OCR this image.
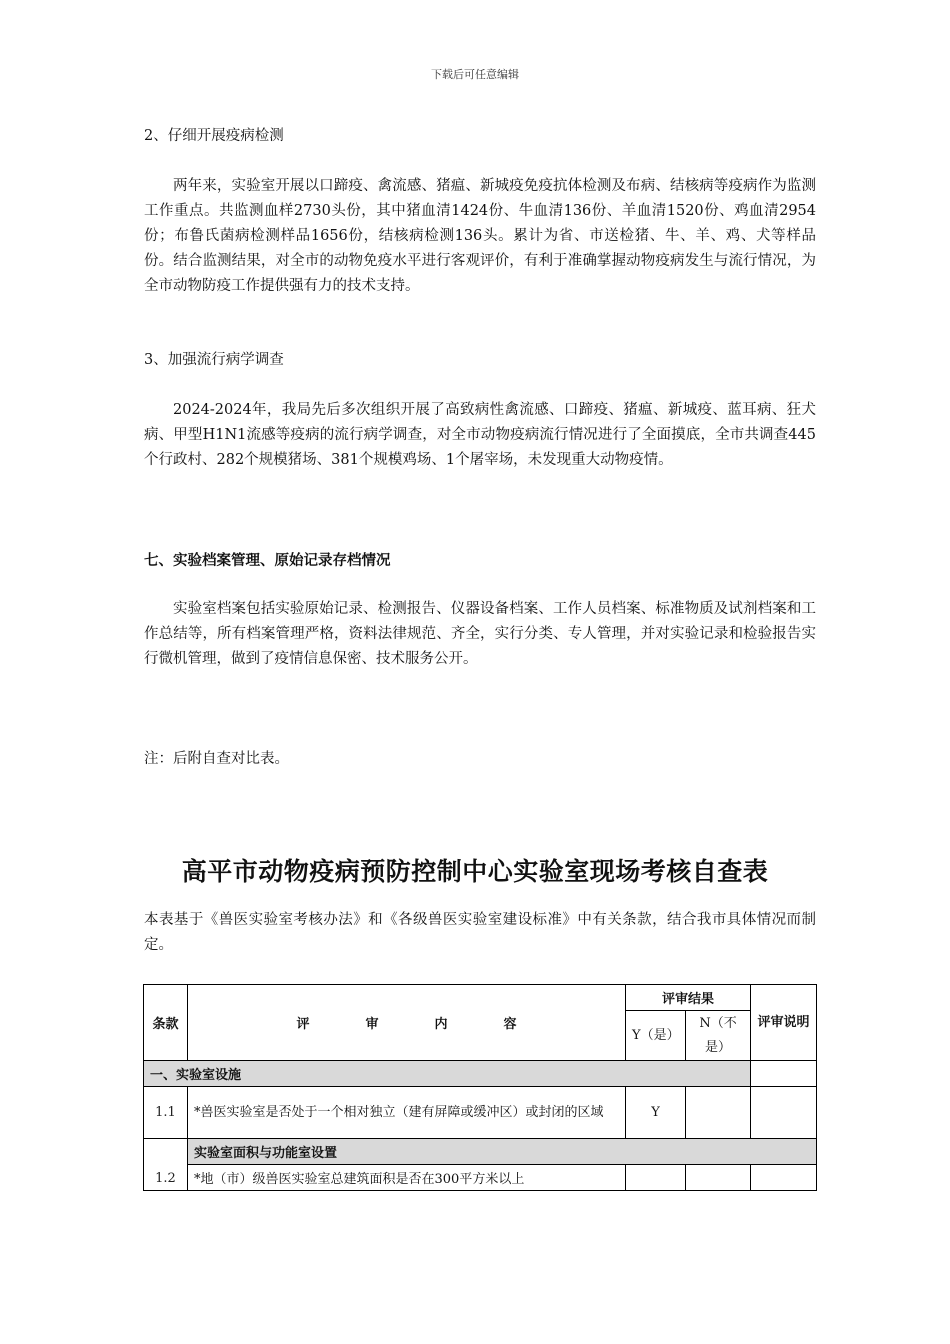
下载后可任意编辑
2、仔细开展疫病检测
两年来，实验室开展以口蹄疫、禽流感、猪瘟、新城疫免疫抗体检测及布病、结核病等疫病作为监测工作重点。共监测血样2730头份，其中猪血清1424份、牛血清136份、羊血清1520份、鸡血清2954份；布鲁氏菌病检测样品1656份，结核病检测136头。累计为省、市送检猪、牛、羊、鸡、犬等样品　份。结合监测结果，对全市的动物免疫水平进行客观评价，有利于准确掌握动物疫病发生与流行情况，为全市动物防疫工作提供强有力的技术支持。
3、加强流行病学调查
2024-2024年，我局先后多次组织开展了高致病性禽流感、口蹄疫、猪瘟、新城疫、蓝耳病、狂犬病、甲型H1N1流感等疫病的流行病学调查，对全市动物疫病流行情况进行了全面摸底，全市共调查445个行政村、282个规模猪场、381个规模鸡场、1个屠宰场，未发现重大动物疫情。
七、实验档案管理、原始记录存档情况
实验室档案包括实验原始记录、检测报告、仪器设备档案、工作人员档案、标准物质及试剂档案和工作总结等，所有档案管理严格，资料法律规范、齐全，实行分类、专人管理，并对实验记录和检验报告实行微机管理，做到了疫情信息保密、技术服务公开。
注：后附自查对比表。
高平市动物疫病预防控制中心实验室现场考核自查表
本表基于《兽医实验室考核办法》和《各级兽医实验室建设标准》中有关条款，结合我市具体情况而制定。
条款	评 审 内 容	评审结果		评审说明
		Y（是）	N（不是）	
一、实验室设施				
1.1	*兽医实验室是否处于一个相对独立（建有屏障或缓冲区）或封闭的区域	Y		
1.2	实验室面积与功能室设置			
	*地（市）级兽医实验室总建筑面积是否在300平方米以上			
